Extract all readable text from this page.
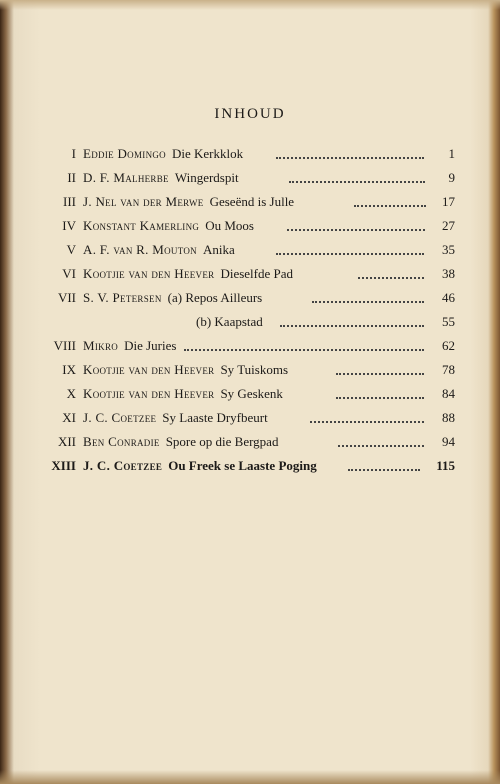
INHOUD
I Eddie Domingo Die Kerkklok	1
II D. F. Malherbe Wingerdspit	9
III J. Nel van der Merwe Geseënd is Julle	17
IV Konstant Kamerling Ou Moos	27
V A. F. van R. Mouton Anika	35
VI Kootjie van den Heever Dieselfde Pad	38
VII S. V. Petersen (a) Repos Ailleurs	46
(b) Kaapstad	55
VIII Mikro Die Juries	62
IX Kootjie van den Heever Sy Tuiskoms	78
X Kootjie van den Heever Sy Geskenk	84
XI J. C. Coetzee Sy Laaste Dryfbeurt	88
XII Ben Conradie Spore op die Bergpad	94
XIII J. C. Coetzee Ou Freek se Laaste Poging	115
